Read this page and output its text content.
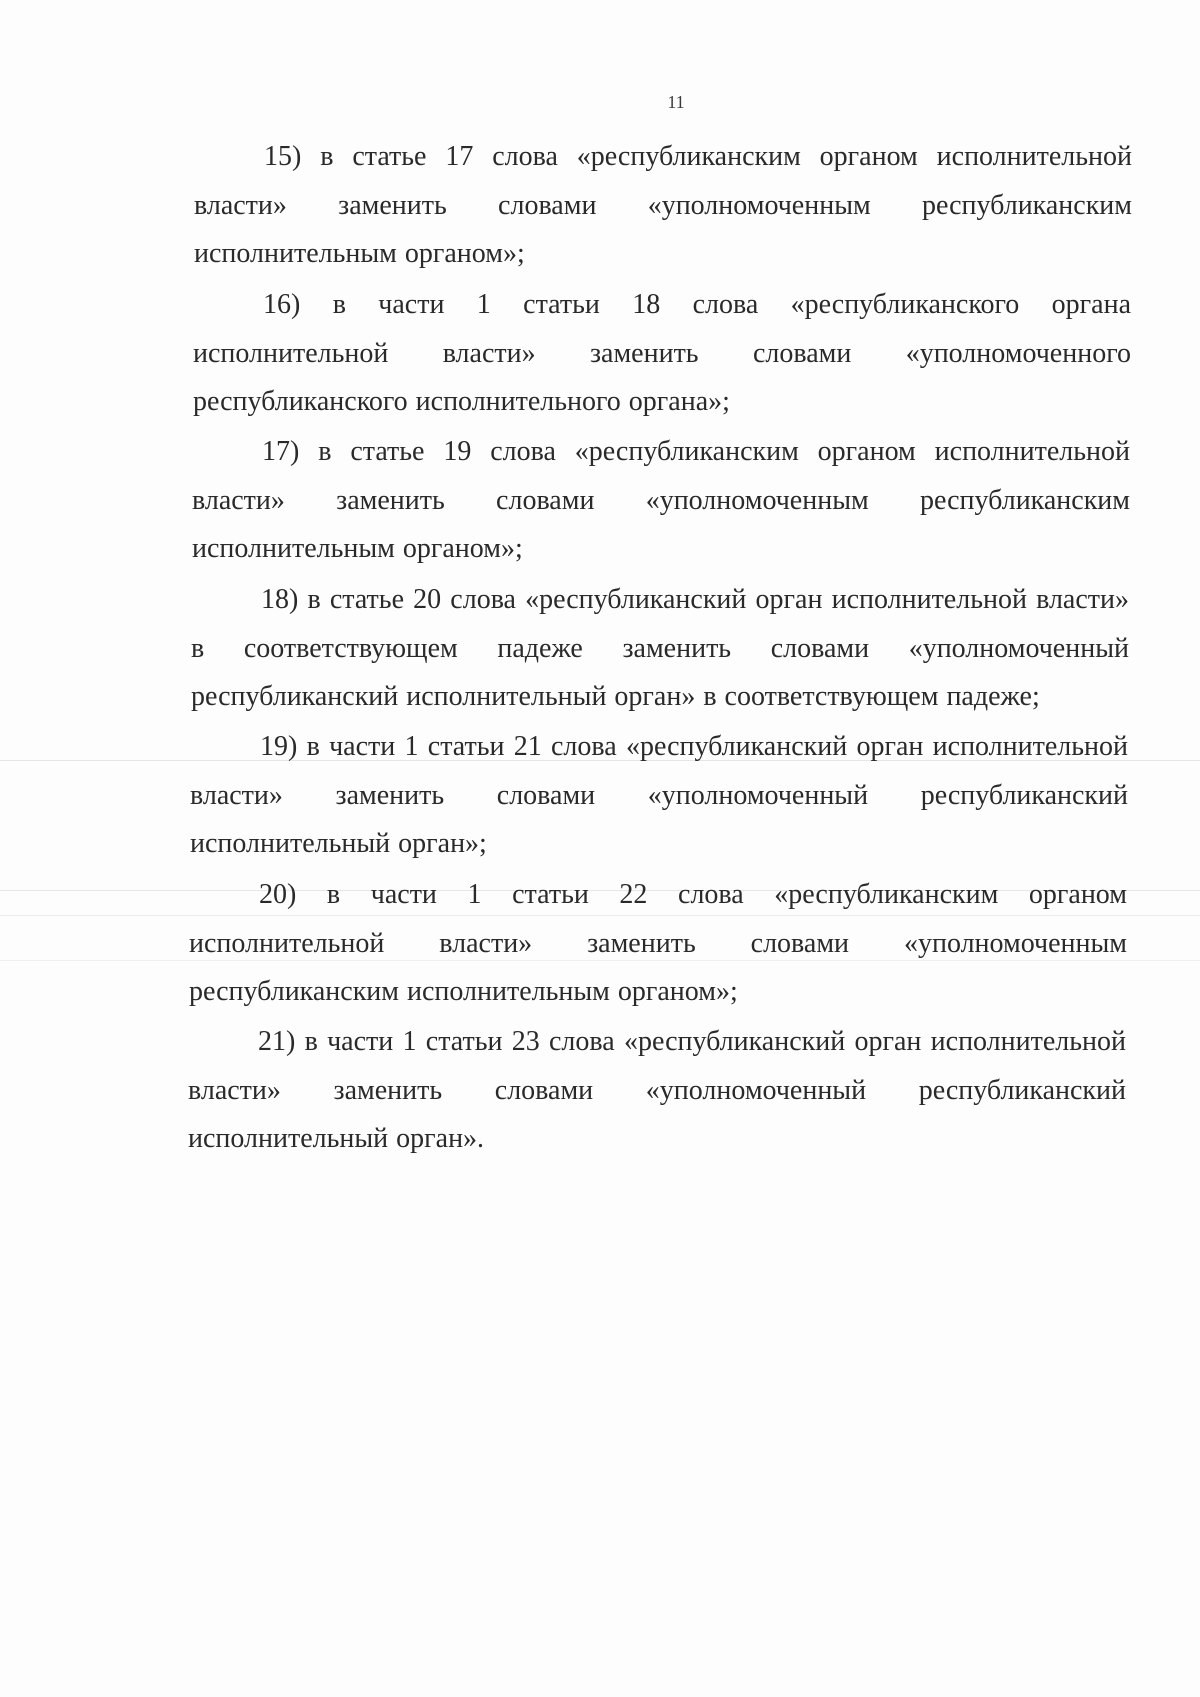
11

15) в статье 17 слова «республиканским органом исполнительной власти» заменить словами «уполномоченным республиканским исполнительным органом»;

16) в части 1 статьи 18 слова «республиканского органа исполнительной власти» заменить словами «уполномоченного республиканского исполнительного органа»;

17) в статье 19 слова «республиканским органом исполнительной власти» заменить словами «уполномоченным республиканским исполнительным органом»;

18) в статье 20 слова «республиканский орган исполнительной власти» в соответствующем падеже заменить словами «уполномоченный республиканский исполнительный орган» в соответствующем падеже;

19) в части 1 статьи 21 слова «республиканский орган исполнительной власти» заменить словами «уполномоченный республиканский исполнительный орган»;

20) в части 1 статьи 22 слова «республиканским органом исполнительной власти» заменить словами «уполномоченным республиканским исполнительным органом»;

21) в части 1 статьи 23 слова «республиканский орган исполнительной власти» заменить словами «уполномоченный республиканский исполнительный орган».
